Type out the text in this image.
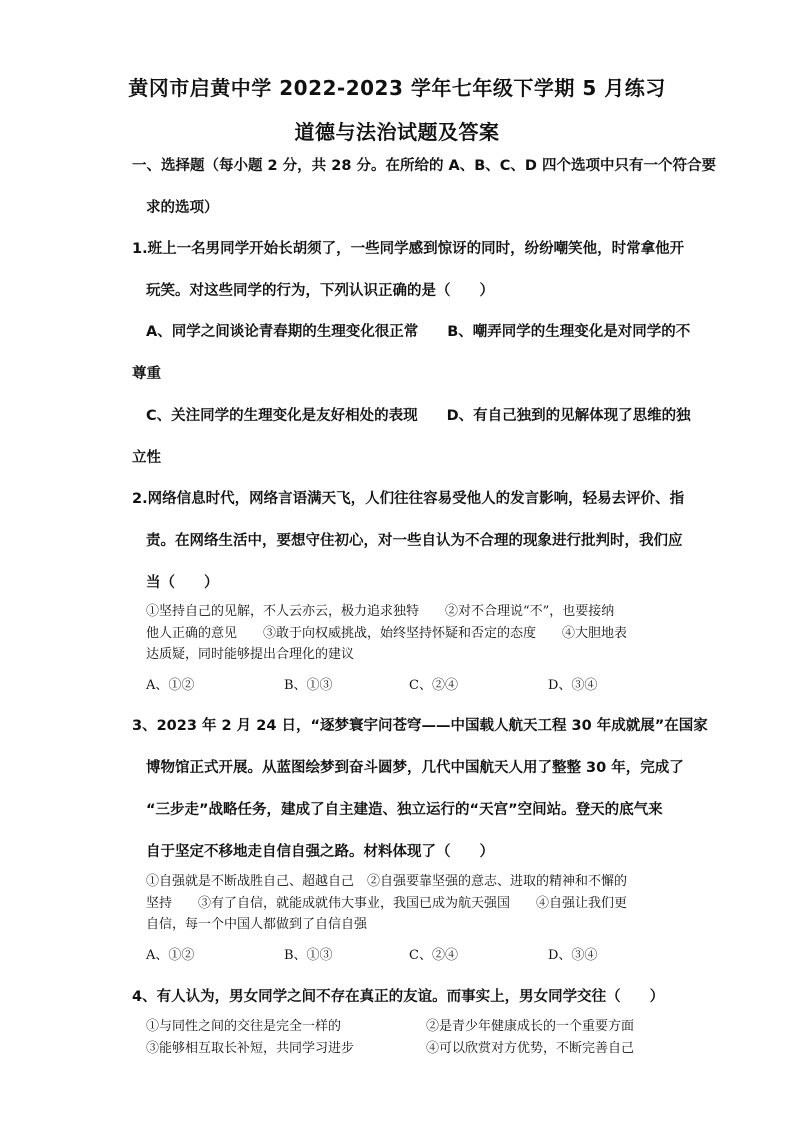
黄冈市启黄中学 2022-2023 学年七年级下学期 5 月练习
道德与法治试题及答案
一、选择题（每小题 2 分，共 28 分。在所给的 A、B、C、D 四个选项中只有一个符合要
求的选项）
1.班上一名男同学开始长胡须了，一些同学感到惊讶的同时，纷纷嘲笑他，时常拿他开
玩笑。对这些同学的行为，下列认识正确的是（　　）
A、同学之间谈论青春期的生理变化很正常　　B、嘲弄同学的生理变化是对同学的不
尊重
C、关注同学的生理变化是友好相处的表现　　D、有自己独到的见解体现了思维的独
立性
2.网络信息时代，网络言语满天飞，人们往往容易受他人的发言影响，轻易去评价、指
责。在网络生活中，要想守住初心，对一些自认为不合理的现象进行批判时，我们应
当（　　）
①坚持自己的见解，不人云亦云，极力追求独特　　②对不合理说“不”，也要接纳
他人正确的意见　　③敢于向权威挑战，始终坚持怀疑和否定的态度　　④大胆地表
达质疑，同时能够提出合理化的建议
A、①②	B、①③	C、②④	D、③④
3、2023 年 2 月 24 日，“逐梦寰宇问苍穹——中国载人航天工程 30 年成就展”在国家
博物馆正式开展。从蓝图绘梦到奋斗圆梦，几代中国航天人用了整整 30 年，完成了
“三步走”战略任务，建成了自主建造、独立运行的“天宫”空间站。登天的底气来
自于坚定不移地走自信自强之路。材料体现了（　　）
①自强就是不断战胜自己、超越自己　②自强要靠坚强的意志、进取的精神和不懈的
坚持　　③有了自信，就能成就伟大事业，我国已成为航天强国　　④自强让我们更
自信，每一个中国人都做到了自信自强
A、①②	B、①③	C、②④	D、③④
4、有人认为，男女同学之间不存在真正的友谊。而事实上，男女同学交往（　　）
①与同性之间的交往是完全一样的	②是青少年健康成长的一个重要方面
③能够相互取长补短，共同学习进步	④可以欣赏对方优势，不断完善自己
